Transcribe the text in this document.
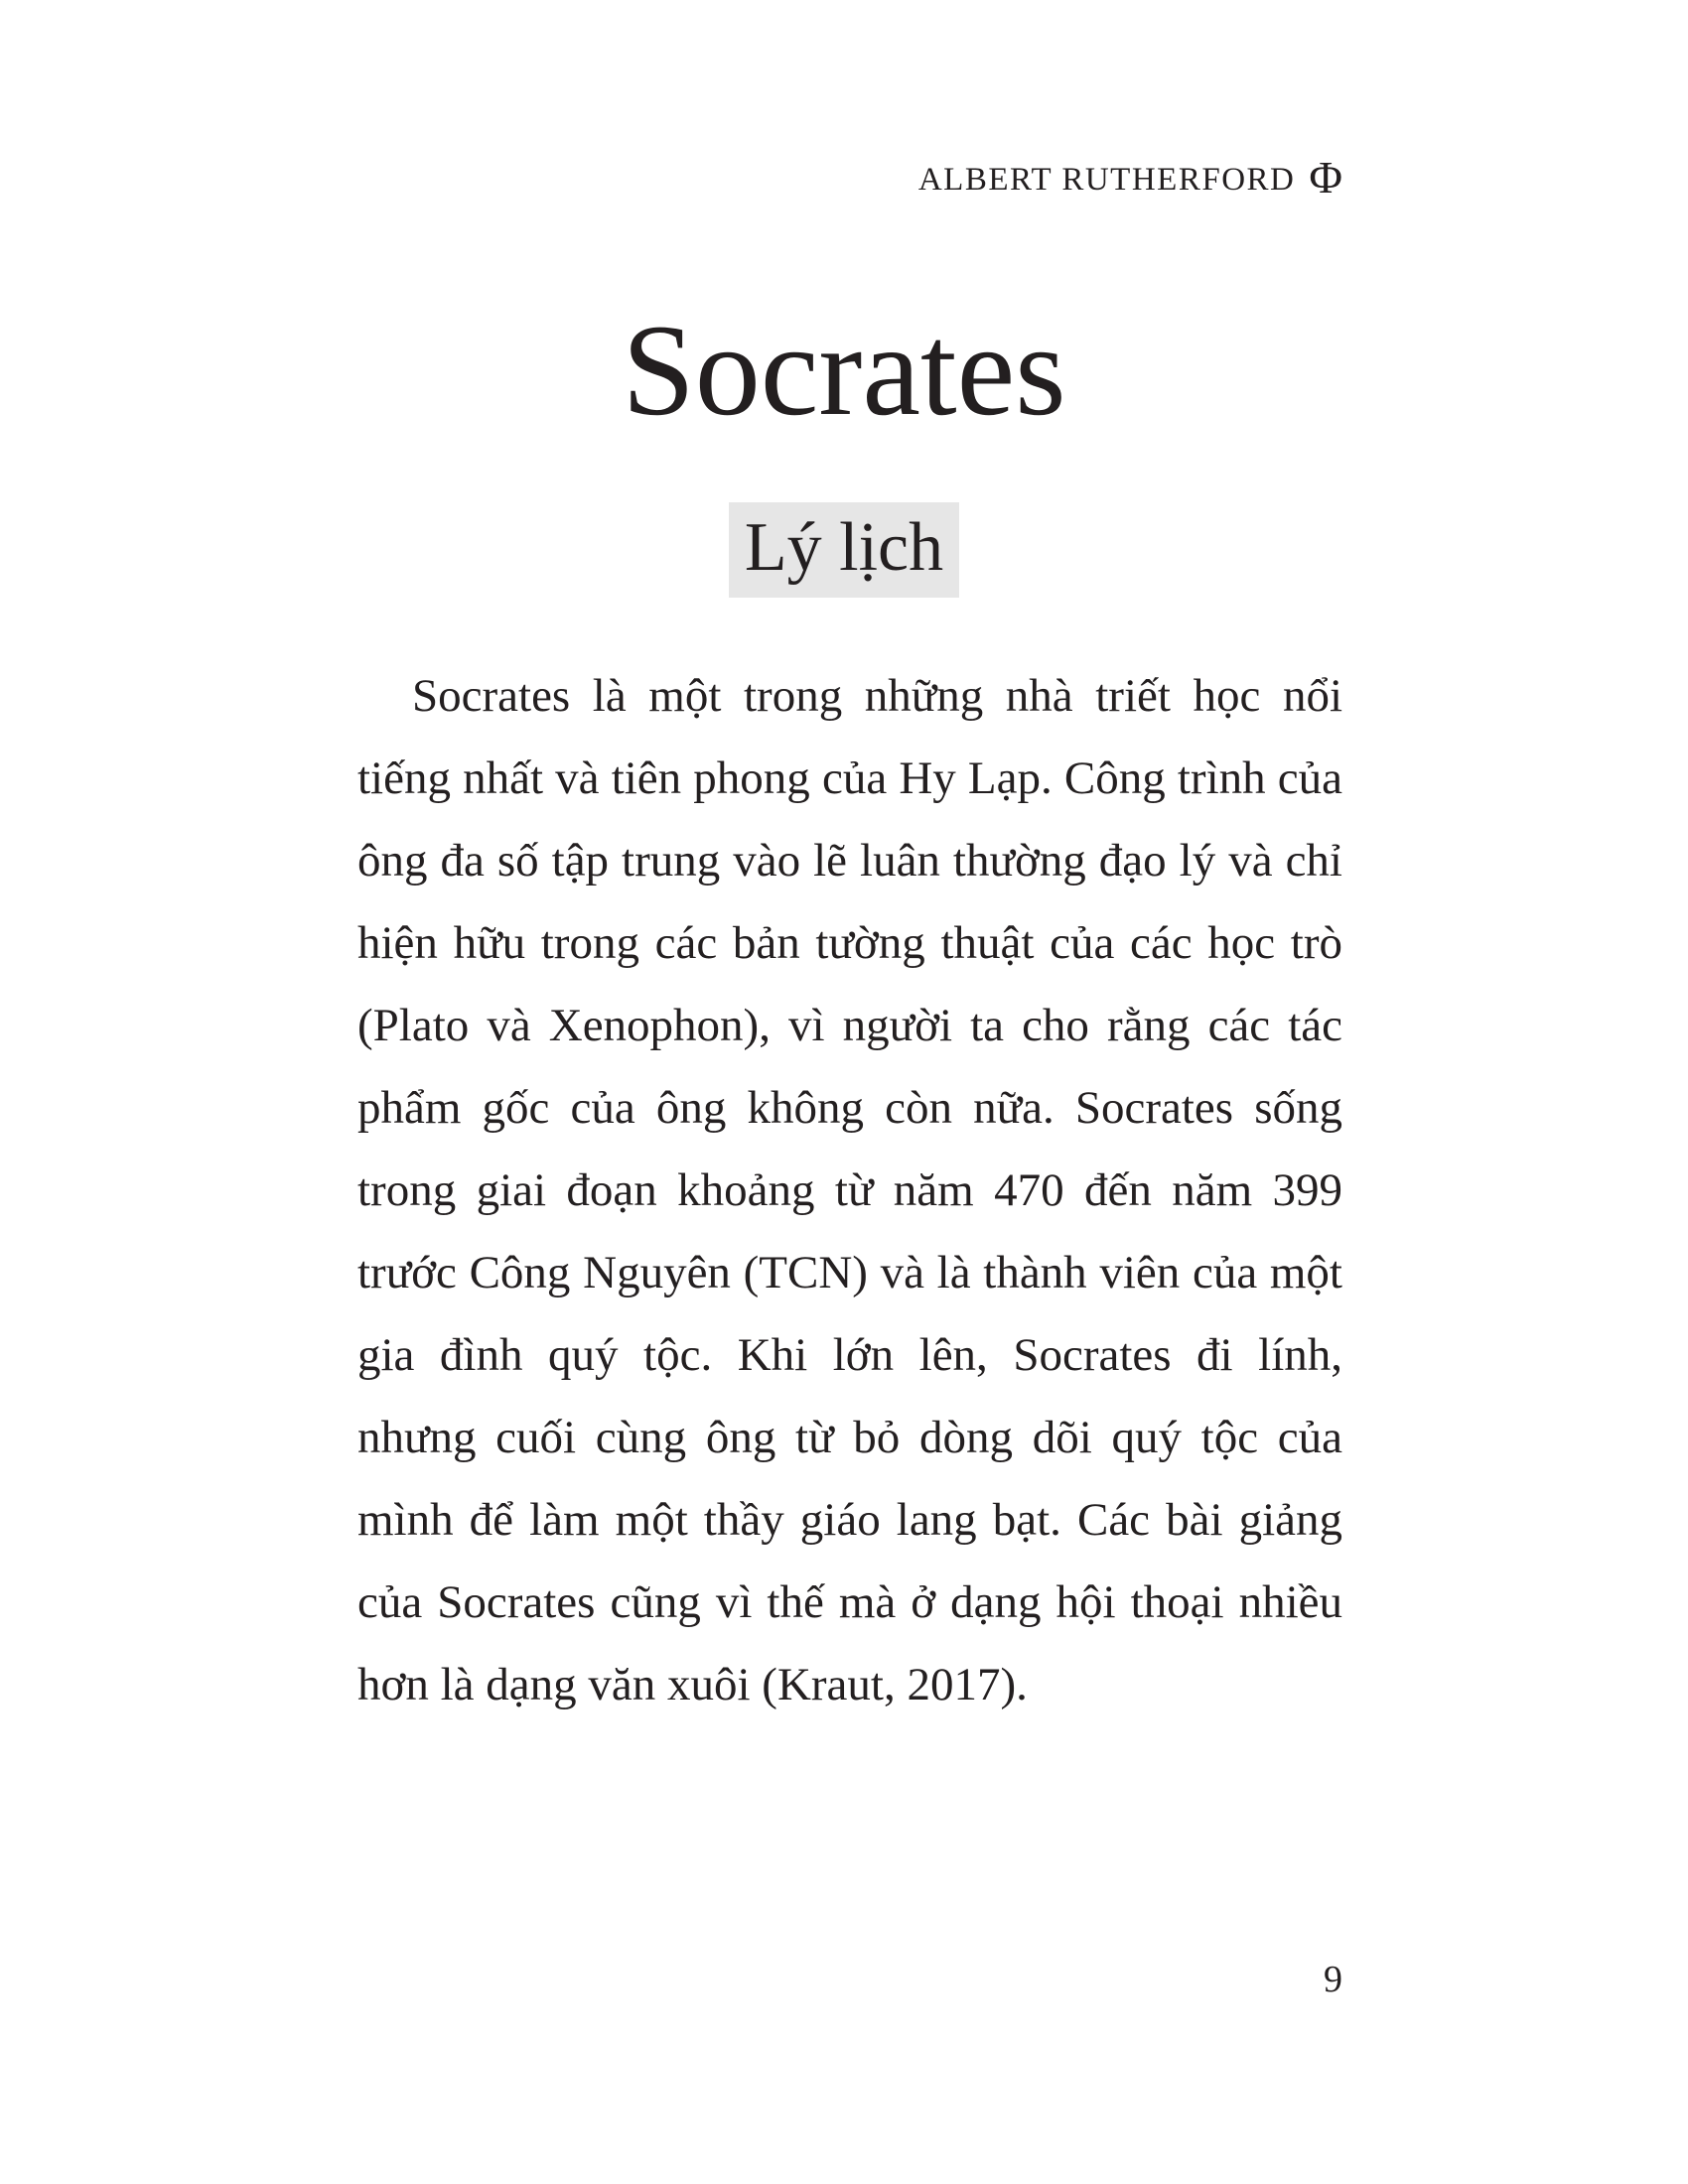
ALBERT RUTHERFORD Φ
Socrates
Lý lịch

Socrates là một trong những nhà triết học nổi tiếng nhất và tiên phong của Hy Lạp. Công trình của ông đa số tập trung vào lẽ luân thường đạo lý và chỉ hiện hữu trong các bản tường thuật của các học trò (Plato và Xenophon), vì người ta cho rằng các tác phẩm gốc của ông không còn nữa. Socrates sống trong giai đoạn khoảng từ năm 470 đến năm 399 trước Công Nguyên (TCN) và là thành viên của một gia đình quý tộc. Khi lớn lên, Socrates đi lính, nhưng cuối cùng ông từ bỏ dòng dõi quý tộc của mình để làm một thầy giáo lang bạt. Các bài giảng của Socrates cũng vì thế mà ở dạng hội thoại nhiều hơn là dạng văn xuôi (Kraut, 2017).

9
